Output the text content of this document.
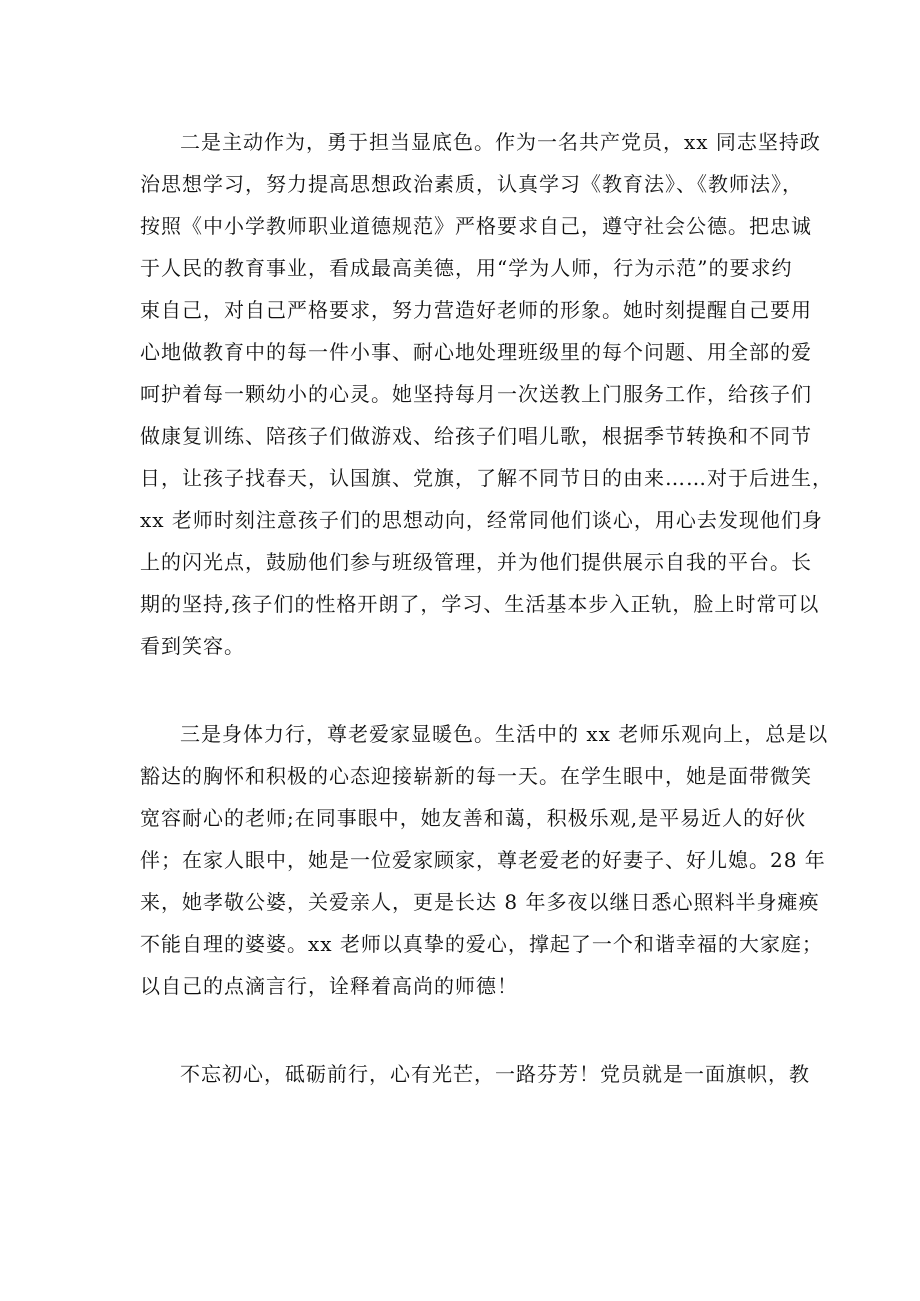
二是主动作为，勇于担当显底色。作为一名共产党员，xx 同志坚持政
治思想学习，努力提高思想政治素质，认真学习《教育法》、《教师法》，
按照《中小学教师职业道德规范》严格要求自己，遵守社会公德。把忠诚
于人民的教育事业，看成最高美德，用“学为人师，行为示范”的要求约
束自己，对自己严格要求，努力营造好老师的形象。她时刻提醒自己要用
心地做教育中的每一件小事、耐心地处理班级里的每个问题、用全部的爱
呵护着每一颗幼小的心灵。她坚持每月一次送教上门服务工作，给孩子们
做康复训练、陪孩子们做游戏、给孩子们唱儿歌，根据季节转换和不同节
日，让孩子找春天，认国旗、党旗，了解不同节日的由来……对于后进生，
xx 老师时刻注意孩子们的思想动向，经常同他们谈心，用心去发现他们身
上的闪光点，鼓励他们参与班级管理，并为他们提供展示自我的平台。长
期的坚持,孩子们的性格开朗了，学习、生活基本步入正轨，脸上时常可以
看到笑容。
三是身体力行，尊老爱家显暖色。生活中的 xx 老师乐观向上，总是以
豁达的胸怀和积极的心态迎接崭新的每一天。在学生眼中，她是面带微笑
宽容耐心的老师;在同事眼中，她友善和蔼，积极乐观,是平易近人的好伙
伴；在家人眼中，她是一位爱家顾家，尊老爱老的好妻子、好儿媳。28 年
来，她孝敬公婆，关爱亲人，更是长达 8 年多夜以继日悉心照料半身瘫痪
不能自理的婆婆。xx 老师以真挚的爱心，撑起了一个和谐幸福的大家庭；
以自己的点滴言行，诠释着高尚的师德！
不忘初心，砥砺前行，心有光芒，一路芬芳！党员就是一面旗帜，教
